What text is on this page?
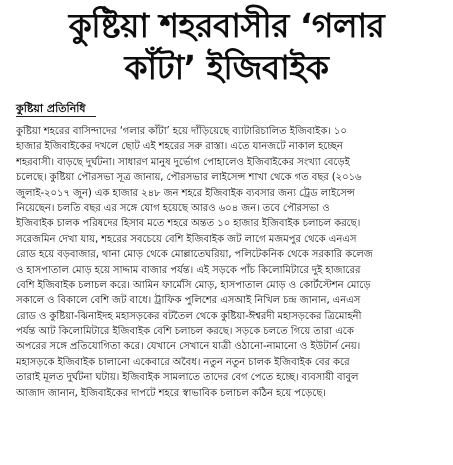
কুষ্টিয়া শহরবাসীর ‘গলার
কাঁটা’ ইজিবাইক
কুষ্টিয়া প্রতিনিধি
কুষ্টিয়া শহরের বাসিন্দাদের ‘গলার কাঁটা’ হয়ে দাঁড়িয়েছে ব্যাটারিচালিত ইজিবাইক। ১০
হাজার ইজিবাইকের দখলে ছোট এই শহরের সরু রাস্তা। এতে যানজটে নাকাল হচ্ছেন
শহরবাসী। বাড়ছে দুর্ঘটনা। সাধারণ মানুষ দুর্ভোগ পোহালেও ইজিবাইকের সংখ্যা বেড়েই
চলেছে। কুষ্টিয়া পৌরসভা সূত্র জানায়, পৌরসভার লাইসেন্স শাখা থেকে গত বছর (২০১৬
জুলাই-২০১৭ জুন) এক হাজার ২৪৮ জন শহরে ইজিবাইক ব্যবসার জন্য ট্রেড লাইসেন্স
নিয়েছেন। চলতি বছর এর সঙ্গে যোগ হয়েছে আরও ৬০৪ জন। তবে পৌরসভা ও
ইজিবাইক চালক পরিষদের হিসাব মতে শহরে অন্তত ১০ হাজার ইজিবাইক চলাচল করছে।
সরেজমিন দেখা যায়, শহরের সবচেয়ে বেশি ইজিবাইক জট লাগে মজমপুর থেকে এনএস
রোড হয়ে বড়বাজার, থানা মোড় থেকে মোল্লাতেঘরিয়া, পলিটেকনিক থেকে সরকারি কলেজ
ও হাসপাতাল মোড় হয়ে সাদ্দাম বাজার পর্যন্ত। এই সড়কে পাঁচ কিলোমিটারে দুই হাজারের
বেশি ইজিবাইক চলাচল করে। আমিন ফার্মেসি মোড়, হাসপাতাল মোড় ও কোর্টস্টেশন মোড়ে
সকালে ও বিকালে বেশি জট বাধে। ট্রাফিক পুলিশের এসআই নিখিল চন্দ্র জানান, এনএস
রোড ও কুষ্টিয়া-ঝিনাইদহ মহাসড়কের বটতৈল থেকে কুষ্টিয়া-ঈশ্বরদী মহাসড়কের ত্রিমোহনী
পর্যন্ত আট কিলোমিটারে ইজিবাইক বেশি চলাচল করছে। সড়কে চলতে গিয়ে তারা একে
অপরের সঙ্গে প্রতিযোগিতা করে। যেখানে সেখানে যাত্রী ওঠানো-নামানো ও ইউটার্ন নেয়।
মহাসড়কে ইজিবাইক চালানো একেবারে অবৈধ। নতুন নতুন চালক ইজিবাইক বের করে
তারাই মূলত দুর্ঘটনা ঘটায়। ইজিবাইক সামলাতে তাদের বেগ পেতে হচ্ছে। ব্যবসায়ী বাবুল
আজাদ জানান, ইজিবাইকের দাপটে শহরে স্বাভাবিক চলাচল কঠিন হয়ে পড়েছে।
